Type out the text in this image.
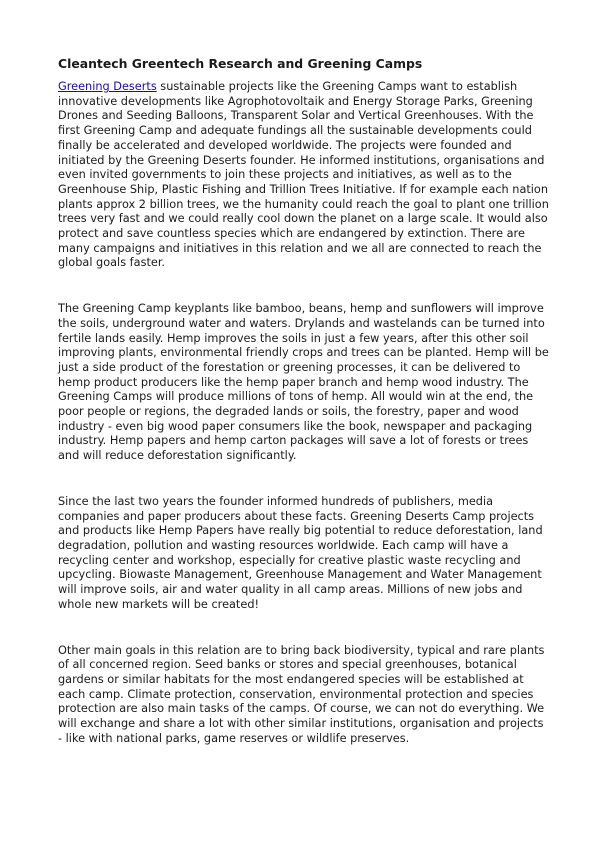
Cleantech Greentech Research and Greening Camps

Greening Deserts sustainable projects like the Greening Camps want to establish innovative developments like Agrophotovoltaik and Energy Storage Parks, Greening Drones and Seeding Balloons, Transparent Solar and Vertical Greenhouses. With the first Greening Camp and adequate fundings all the sustainable developments could finally be accelerated and developed worldwide. The projects were founded and initiated by the Greening Deserts founder. He informed institutions, organisations and even invited governments to join these projects and initiatives, as well as to the Greenhouse Ship, Plastic Fishing and Trillion Trees Initiative. If for example each nation plants approx 2 billion trees, we the humanity could reach the goal to plant one trillion trees very fast and we could really cool down the planet on a large scale. It would also protect and save countless species which are endangered by extinction. There are many campaigns and initiatives in this relation and we all are connected to reach the global goals faster.

The Greening Camp keyplants like bamboo, beans, hemp and sunflowers will improve the soils, underground water and waters. Drylands and wastelands can be turned into fertile lands easily. Hemp improves the soils in just a few years, after this other soil improving plants, environmental friendly crops and trees can be planted. Hemp will be just a side product of the forestation or greening processes, it can be delivered to hemp product producers like the hemp paper branch and hemp wood industry. The Greening Camps will produce millions of tons of hemp. All would win at the end, the poor people or regions, the degraded lands or soils, the forestry, paper and wood industry - even big wood paper consumers like the book, newspaper and packaging industry. Hemp papers and hemp carton packages will save a lot of forests or trees and will reduce deforestation significantly.

Since the last two years the founder informed hundreds of publishers, media companies and paper producers about these facts. Greening Deserts Camp projects and products like Hemp Papers have really big potential to reduce deforestation, land degradation, pollution and wasting resources worldwide. Each camp will have a recycling center and workshop, especially for creative plastic waste recycling and upcycling. Biowaste Management, Greenhouse Management and Water Management will improve soils, air and water quality in all camp areas. Millions of new jobs and whole new markets will be created!

Other main goals in this relation are to bring back biodiversity, typical and rare plants of all concerned region. Seed banks or stores and special greenhouses, botanical gardens or similar habitats for the most endangered species will be established at each camp. Climate protection, conservation, environmental protection and species protection are also main tasks of the camps. Of course, we can not do everything. We will exchange and share a lot with other similar institutions, organisation and projects - like with national parks, game reserves or wildlife preserves.
